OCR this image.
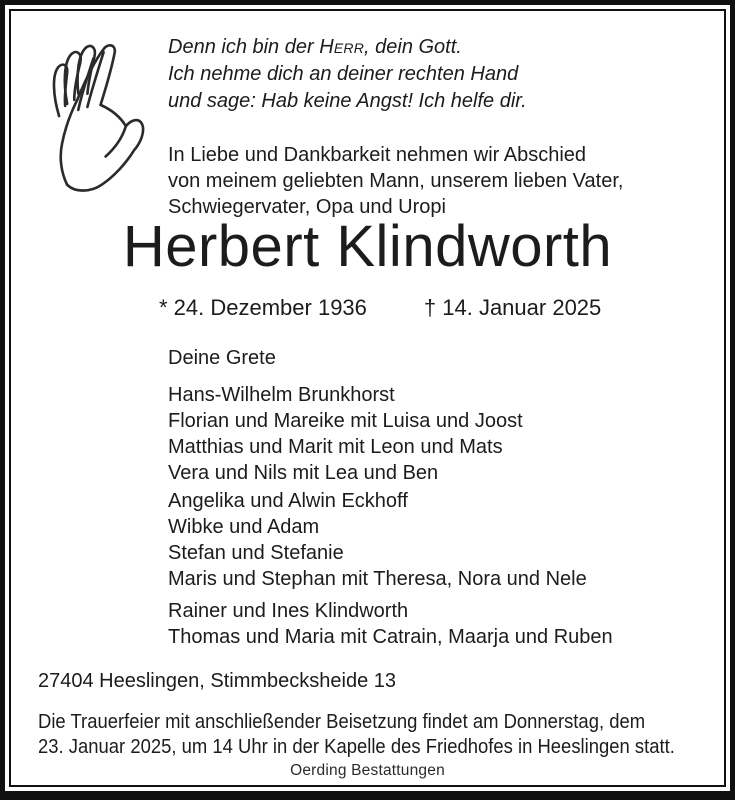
Denn ich bin der Herr, dein Gott.
Ich nehme dich an deiner rechten Hand
und sage: Hab keine Angst! Ich helfe dir.
In Liebe und Dankbarkeit nehmen wir Abschied
von meinem geliebten Mann, unserem lieben Vater,
Schwiegervater, Opa und Uropi
Herbert Klindworth
* 24. Dezember 1936	† 14. Januar 2025
Deine Grete
Hans-Wilhelm Brunkhorst
Florian und Mareike mit Luisa und Joost
Matthias und Marit mit Leon und Mats
Vera und Nils mit Lea und Ben
Angelika und Alwin Eckhoff
Wibke und Adam
Stefan und Stefanie
Maris und Stephan mit Theresa, Nora und Nele
Rainer und Ines Klindworth
Thomas und Maria mit Catrain, Maarja und Ruben
27404 Heeslingen, Stimmbecksheide 13
Die Trauerfeier mit anschließender Beisetzung findet am Donnerstag, dem
23. Januar 2025, um 14 Uhr in der Kapelle des Friedhofes in Heeslingen statt.
Oerding Bestattungen
